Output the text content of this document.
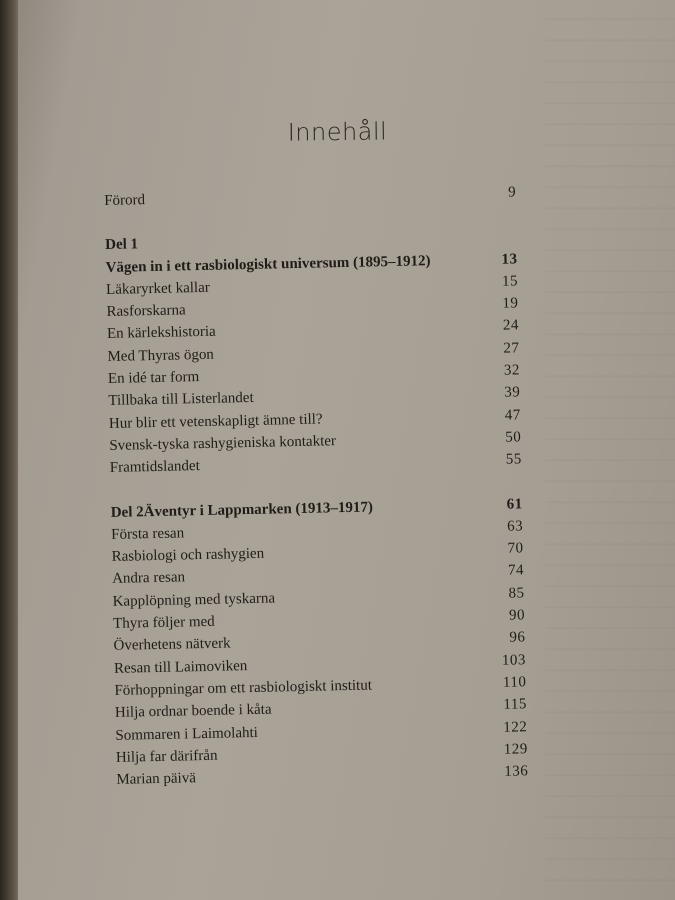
Innehåll
Förord	9
Del 1
Vägen in i ett rasbiologiskt universum (1895–1912)	13
Läkaryrket kallar	15
Rasforskarna	19
En kärlekshistoria	24
Med Thyras ögon	27
En idé tar form	32
Tillbaka till Listerlandet	39
Hur blir ett vetenskapligt ämne till?	47
Svensk-tyska rashygieniska kontakter	50
Framtidslandet	55
Del 2Äventyr i Lappmarken (1913–1917)	61
Första resan	63
Rasbiologi och rashygien	70
Andra resan	74
Kapplöpning med tyskarna	85
Thyra följer med	90
Överhetens nätverk	96
Resan till Laimoviken	103
Förhoppningar om ett rasbiologiskt institut	110
Hilja ordnar boende i kåta	115
Sommaren i Laimolahti	122
Hilja far därifrån	129
Marian päivä	136
